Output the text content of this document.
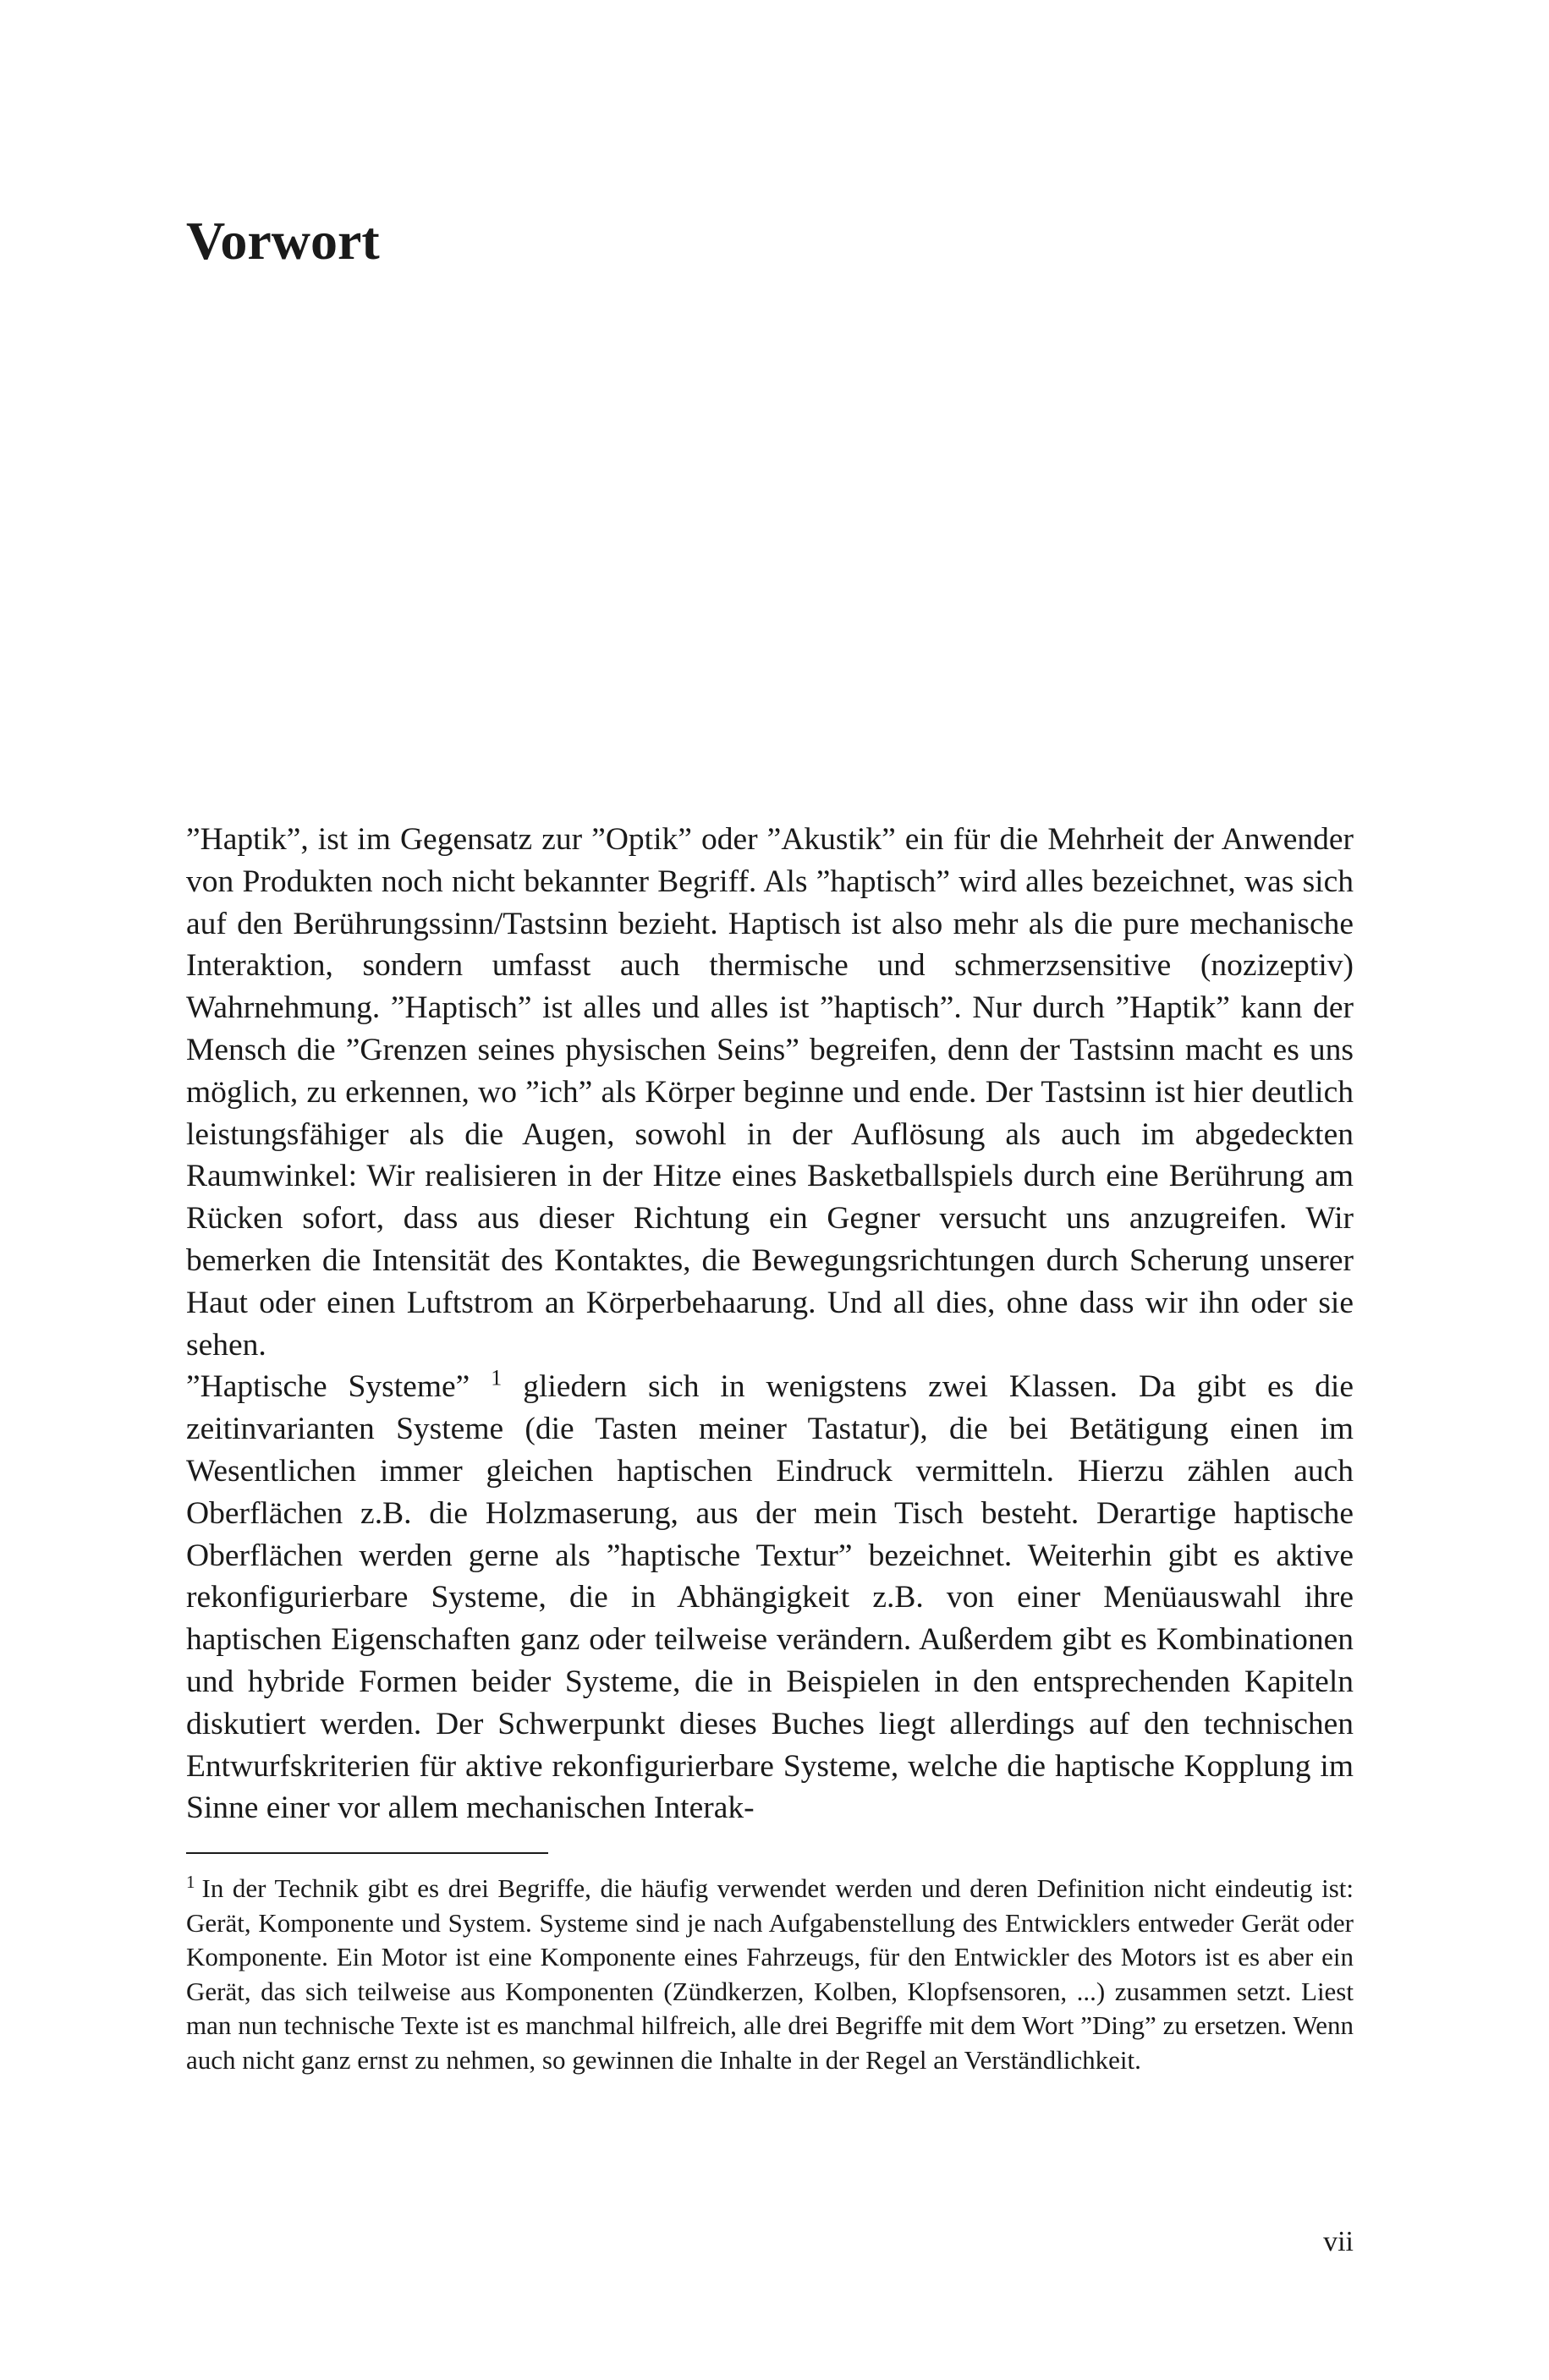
Vorwort

”Haptik”, ist im Gegensatz zur ”Optik” oder ”Akustik” ein für die Mehrheit der Anwender von Produkten noch nicht bekannter Begriff. Als ”haptisch” wird alles bezeichnet, was sich auf den Berührungssinn/Tastsinn bezieht. Haptisch ist also mehr als die pure mechanische Interaktion, sondern umfasst auch thermische und schmerzsensitive (nozizeptiv) Wahrnehmung. ”Haptisch” ist alles und alles ist ”haptisch”. Nur durch ”Haptik” kann der Mensch die ”Grenzen seines physischen Seins” begreifen, denn der Tastsinn macht es uns möglich, zu erkennen, wo ”ich” als Körper beginne und ende. Der Tastsinn ist hier deutlich leistungsfähiger als die Augen, sowohl in der Auflösung als auch im abgedeckten Raumwinkel: Wir realisieren in der Hitze eines Basketballspiels durch eine Berührung am Rücken sofort, dass aus dieser Richtung ein Gegner versucht uns anzugreifen. Wir bemerken die Intensität des Kontaktes, die Bewegungsrichtungen durch Scherung unserer Haut oder einen Luftstrom an Körperbehaarung. Und all dies, ohne dass wir ihn oder sie sehen.

”Haptische Systeme” $^1$ gliedern sich in wenigstens zwei Klassen. Da gibt es die zeitinvarianten Systeme (die Tasten meiner Tastatur), die bei Betätigung einen im Wesentlichen immer gleichen haptischen Eindruck vermitteln. Hierzu zählen auch Oberflächen z.B. die Holzmaserung, aus der mein Tisch besteht. Derartige haptische Oberflächen werden gerne als ”haptische Textur” bezeichnet. Weiterhin gibt es aktive rekonfigurierbare Systeme, die in Abhängigkeit z.B. von einer Menüauswahl ihre haptischen Eigenschaften ganz oder teilweise verändern. Außerdem gibt es Kombinationen und hybride Formen beider Systeme, die in Beispielen in den entsprechenden Kapiteln diskutiert werden. Der Schwerpunkt dieses Buches liegt allerdings auf den technischen Entwurfskriterien für aktive rekonfigurierbare Systeme, welche die haptische Kopplung im Sinne einer vor allem mechanischen Interak-

$^1$ In der Technik gibt es drei Begriffe, die häufig verwendet werden und deren Definition nicht eindeutig ist: Gerät, Komponente und System. Systeme sind je nach Aufgabenstellung des Entwicklers entweder Gerät oder Komponente. Ein Motor ist eine Komponente eines Fahrzeugs, für den Entwickler des Motors ist es aber ein Gerät, das sich teilweise aus Komponenten (Zündkerzen, Kolben, Klopfsensoren, ...) zusammen setzt. Liest man nun technische Texte ist es manchmal hilfreich, alle drei Begriffe mit dem Wort ”Ding” zu ersetzen. Wenn auch nicht ganz ernst zu nehmen, so gewinnen die Inhalte in der Regel an Verständlichkeit.

vii
